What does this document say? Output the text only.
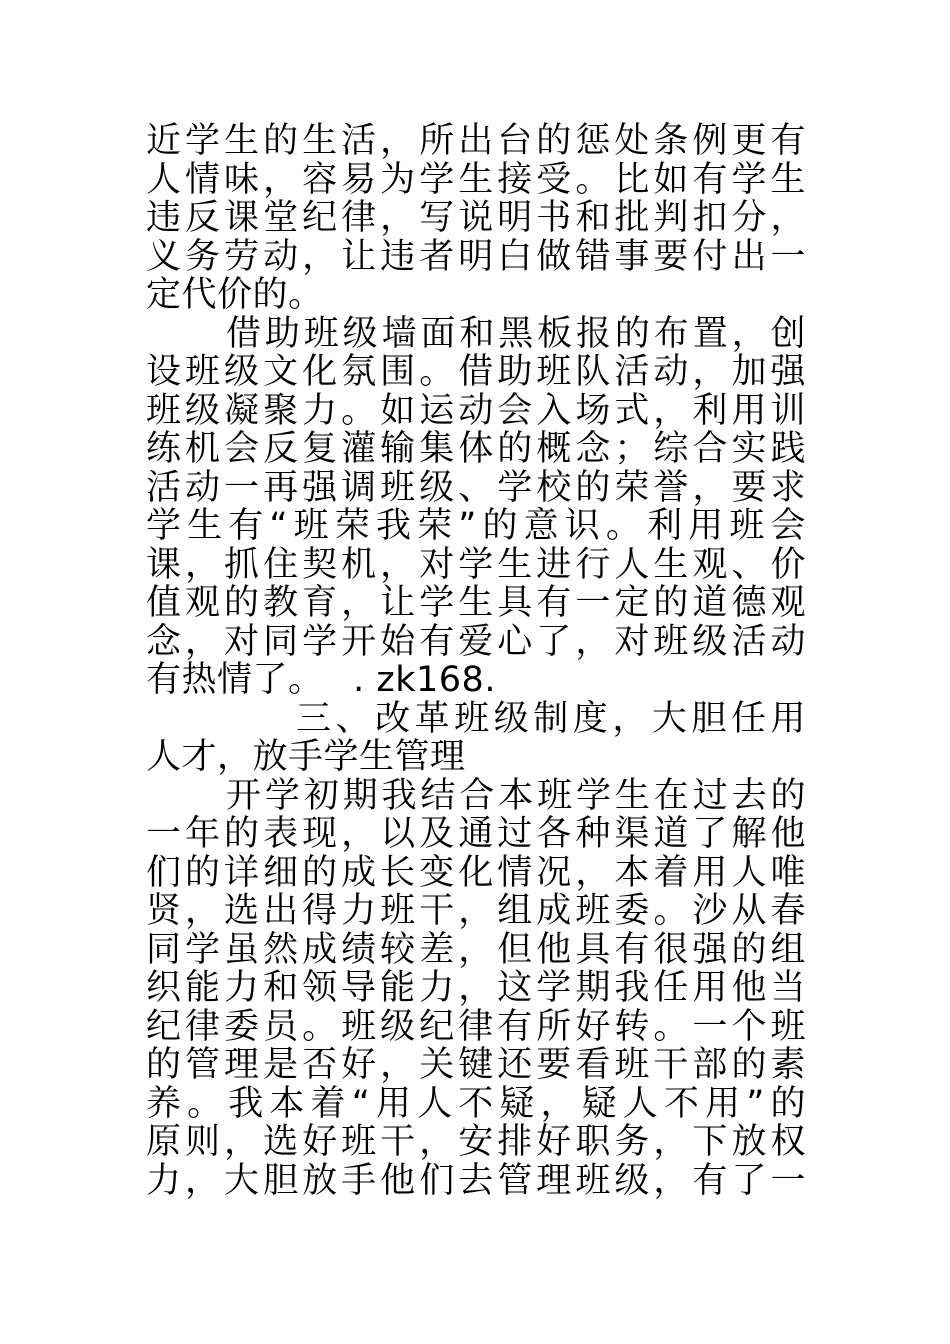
近学生的生活，所出台的惩处条例更有
人情味，容易为学生接受。比如有学生
违反课堂纪律，写说明书和批判扣分，
义务劳动，让违者明白做错事要付出一
定代价的。
借助班级墙面和黑板报的布置，创
设班级文化氛围。借助班队活动，加强
班级凝聚力。如运动会入场式，利用训
练机会反复灌输集体的概念；综合实践
活动一再强调班级、学校的荣誉，要求
学生有“班荣我荣”的意识。利用班会
课，抓住契机，对学生进行人生观、价
值观的教育，让学生具有一定的道德观
念，对同学开始有爱心了，对班级活动
有热情了。　 . zk168.
三、改革班级制度，大胆任用
人才，放手学生管理
开学初期我结合本班学生在过去的
一年的表现，以及通过各种渠道了解他
们的详细的成长变化情况，本着用人唯
贤，选出得力班干，组成班委。沙从春
同学虽然成绩较差，但他具有很强的组
织能力和领导能力，这学期我任用他当
纪律委员。班级纪律有所好转。一个班
的管理是否好，关键还要看班干部的素
养。我本着“用人不疑，疑人不用”的
原则，选好班干，安排好职务，下放权
力，大胆放手他们去管理班级，有了一
